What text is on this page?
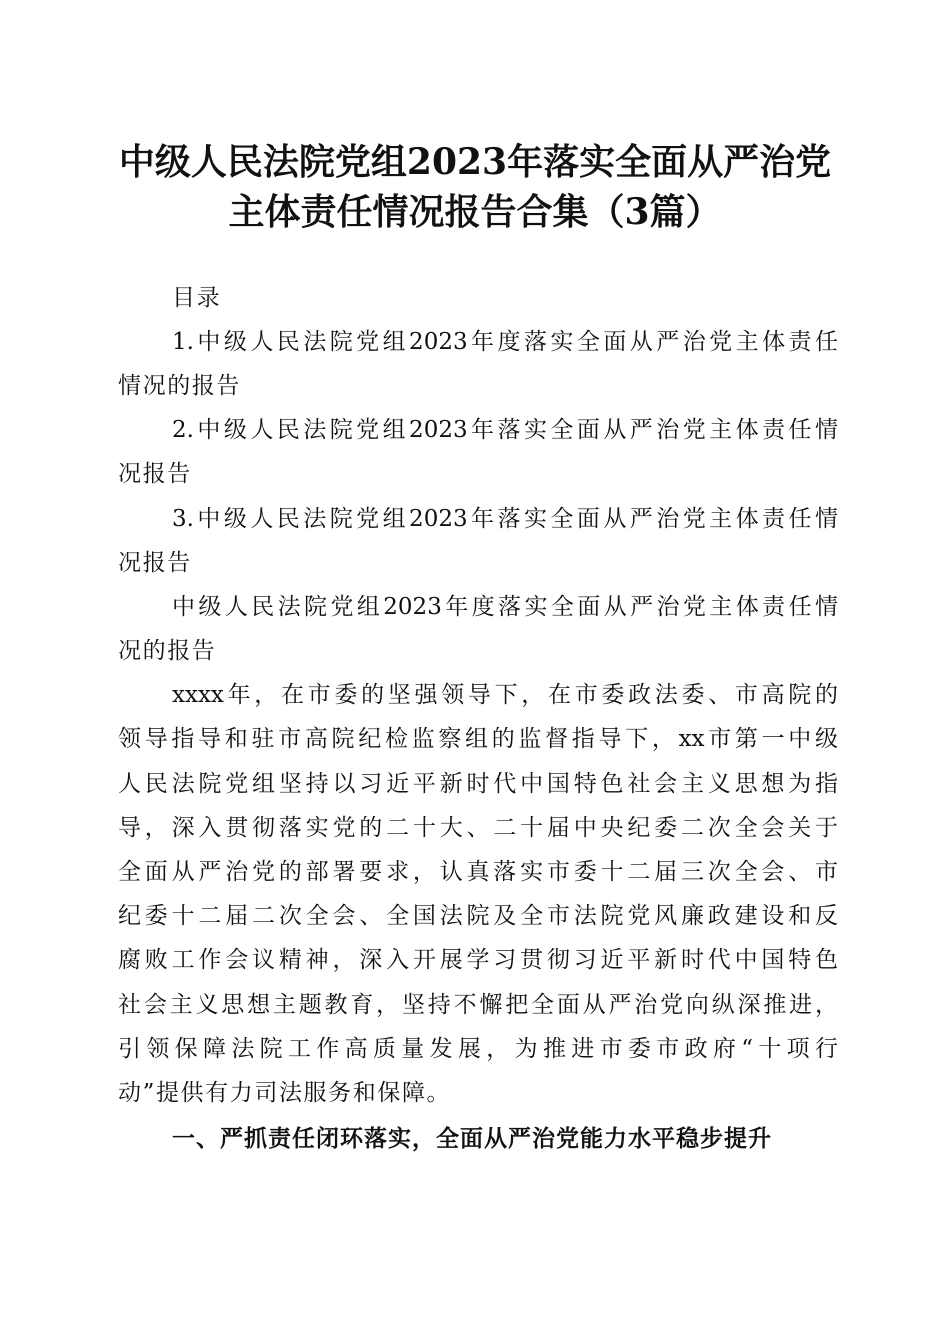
中级人民法院党组2023年落实全面从严治党
主体责任情况报告合集（3篇）
目录
1.中级人民法院党组2023年度落实全面从严治党主体责任
情况的报告
2.中级人民法院党组2023年落实全面从严治党主体责任情
况报告
3.中级人民法院党组2023年落实全面从严治党主体责任情
况报告
中级人民法院党组2023年度落实全面从严治党主体责任情
况的报告
xxxx年，在市委的坚强领导下，在市委政法委、市高院的
领导指导和驻市高院纪检监察组的监督指导下，xx市第一中级
人民法院党组坚持以习近平新时代中国特色社会主义思想为指
导，深入贯彻落实党的二十大、二十届中央纪委二次全会关于
全面从严治党的部署要求，认真落实市委十二届三次全会、市
纪委十二届二次全会、全国法院及全市法院党风廉政建设和反
腐败工作会议精神，深入开展学习贯彻习近平新时代中国特色
社会主义思想主题教育，坚持不懈把全面从严治党向纵深推进，
引领保障法院工作高质量发展，为推进市委市政府“十项行
动”提供有力司法服务和保障。
一、严抓责任闭环落实，全面从严治党能力水平稳步提升
